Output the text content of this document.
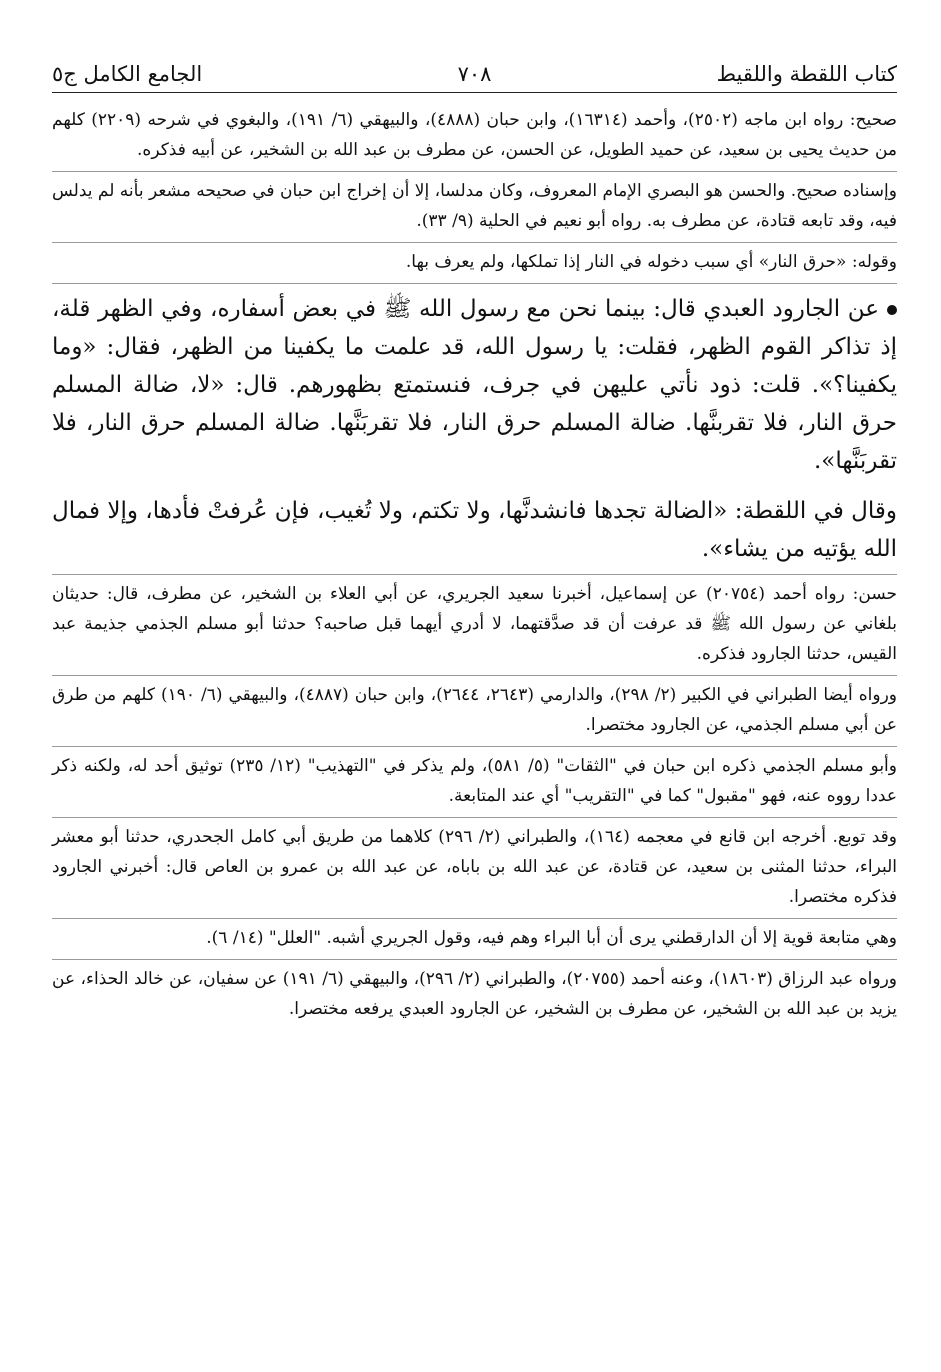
كتاب اللقطة واللقيط
٧٠٨
الجامع الكامل ج٥

صحيح: رواه ابن ماجه (٢٥٠٢)، وأحمد (١٦٣١٤)، وابن حبان (٤٨٨٨)، والبيهقي (٦/ ١٩١)، والبغوي في شرحه (٢٢٠٩) كلهم من حديث يحيى بن سعيد، عن حميد الطويل، عن الحسن، عن مطرف بن عبد الله بن الشخير، عن أبيه فذكره.

وإسناده صحيح. والحسن هو البصري الإمام المعروف، وكان مدلسا، إلا أن إخراج ابن حبان في صحيحه مشعر بأنه لم يدلس فيه، وقد تابعه قتادة، عن مطرف به. رواه أبو نعيم في الحلية (٩/ ٣٣).

وقوله: «حرق النار» أي سبب دخوله في النار إذا تملكها، ولم يعرف بها.

عن الجارود العبدي قال: بينما نحن مع رسول الله ﷺ في بعض أسفاره، وفي الظهر قلة، إذ تذاكر القوم الظهر، فقلت: يا رسول الله، قد علمت ما يكفينا من الظهر، فقال: «وما يكفينا؟». قلت: ذود نأتي عليهن في جرف، فنستمتع بظهورهم. قال: «لا، ضالة المسلم حرق النار، فلا تقربنَّها. ضالة المسلم حرق النار، فلا تقربَنَّها. ضالة المسلم حرق النار، فلا تقربَنَّها».

وقال في اللقطة: «الضالة تجدها فانشدنَّها، ولا تكتم، ولا تُغيب، فإن عُرفتْ فأدها، وإلا فمال الله يؤتيه من يشاء».

حسن: رواه أحمد (٢٠٧٥٤) عن إسماعيل، أخبرنا سعيد الجريري، عن أبي العلاء بن الشخير، عن مطرف، قال: حديثان بلغاني عن رسول الله ﷺ قد عرفت أن قد صدَّقتهما، لا أدري أيهما قبل صاحبه؟ حدثنا أبو مسلم الجذمي جذيمة عبد القيس، حدثنا الجارود فذكره.

ورواه أيضا الطبراني في الكبير (٢/ ٢٩٨)، والدارمي (٢٦٤٣، ٢٦٤٤)، وابن حبان (٤٨٨٧)، والبيهقي (٦/ ١٩٠) كلهم من طرق عن أبي مسلم الجذمي، عن الجارود مختصرا.

وأبو مسلم الجذمي ذكره ابن حبان في "الثقات" (٥/ ٥٨١)، ولم يذكر في "التهذيب" (١٢/ ٢٣٥) توثيق أحد له، ولكنه ذكر عددا رووه عنه، فهو "مقبول" كما في "التقريب" أي عند المتابعة.

وقد توبع. أخرجه ابن قانع في معجمه (١٦٤)، والطبراني (٢/ ٢٩٦) كلاهما من طريق أبي كامل الجحدري، حدثنا أبو معشر البراء، حدثنا المثنى بن سعيد، عن قتادة، عن عبد الله بن باباه، عن عبد الله بن عمرو بن العاص قال: أخبرني الجارود فذكره مختصرا.

وهي متابعة قوية إلا أن الدارقطني يرى أن أبا البراء وهم فيه، وقول الجريري أشبه. "العلل" (١٤/ ٦).

ورواه عبد الرزاق (١٨٦٠٣)، وعنه أحمد (٢٠٧٥٥)، والطبراني (٢/ ٢٩٦)، والبيهقي (٦/ ١٩١) عن سفيان، عن خالد الحذاء، عن يزيد بن عبد الله بن الشخير، عن مطرف بن الشخير، عن الجارود العبدي يرفعه مختصرا.
